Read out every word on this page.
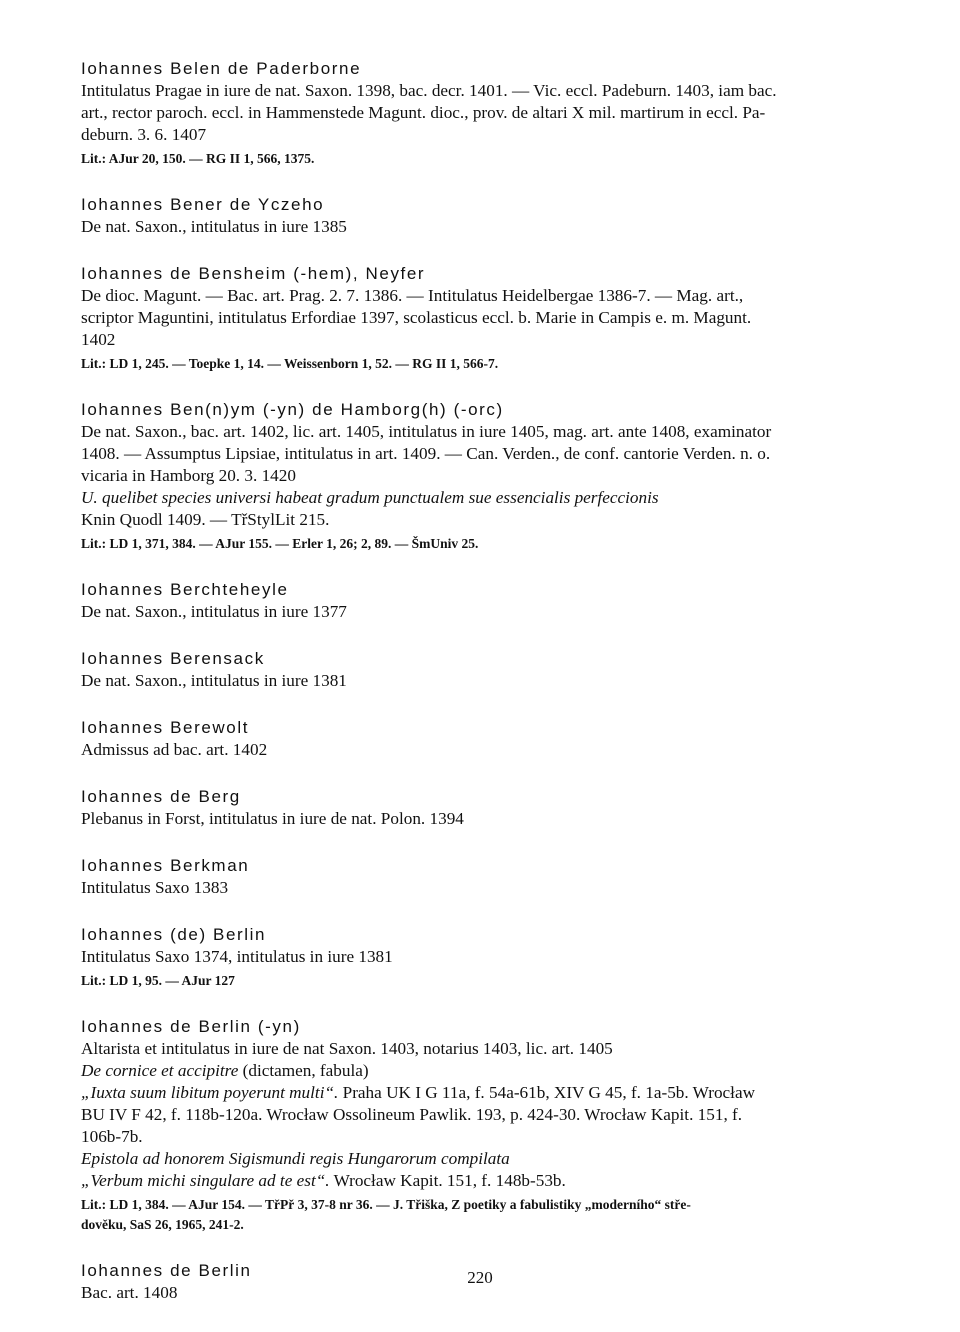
Iohannes Belen de Paderborne
Intitulatus Pragae in iure de nat. Saxon. 1398, bac. decr. 1401. — Vic. eccl. Padeburn. 1403, iam bac.
art., rector paroch. eccl. in Hammenstede Magunt. dioc., prov. de altari X mil. martirum in eccl. Pa-
deburn. 3. 6. 1407
Lit.: AJur 20, 150. — RG II 1, 566, 1375.
Iohannes Bener de Yczeho
De nat. Saxon., intitulatus in iure 1385
Iohannes de Bensheim (-hem), Neyfer
De dioc. Magunt. — Bac. art. Prag. 2. 7. 1386. — Intitulatus Heidelbergae 1386-7. — Mag. art.,
scriptor Maguntini, intitulatus Erfordiae 1397, scolasticus eccl. b. Marie in Campis e. m. Magunt.
1402
Lit.: LD 1, 245. — Toepke 1, 14. — Weissenborn 1, 52. — RG II 1, 566-7.
Iohannes Ben(n)ym (-yn) de Hamborg(h) (-orc)
De nat. Saxon., bac. art. 1402, lic. art. 1405, intitulatus in iure 1405, mag. art. ante 1408, examinator
1408. — Assumptus Lipsiae, intitulatus in art. 1409. — Can. Verden., de conf. cantorie Verden. n. o.
vicaria in Hamborg 20. 3. 1420
U. quelibet species universi habeat gradum punctualem sue essencialis perfeccionis
Knin Quodl 1409. — TřStylLit 215.
Lit.: LD 1, 371, 384. — AJur 155. — Erler 1, 26; 2, 89. — ŠmUniv 25.
Iohannes Berchteheyle
De nat. Saxon., intitulatus in iure 1377
Iohannes Berensack
De nat. Saxon., intitulatus in iure 1381
Iohannes Berewolt
Admissus ad bac. art. 1402
Iohannes de Berg
Plebanus in Forst, intitulatus in iure de nat. Polon. 1394
Iohannes Berkman
Intitulatus Saxo 1383
Iohannes (de) Berlin
Intitulatus Saxo 1374, intitulatus in iure 1381
Lit.: LD 1, 95. — AJur 127
Iohannes de Berlin (-yn)
Altarista et intitulatus in iure de nat Saxon. 1403, notarius 1403, lic. art. 1405
De cornice et accipitre (dictamen, fabula)
„Iuxta suum libitum poyerunt multi“. Praha UK I G 11a, f. 54a-61b, XIV G 45, f. 1a-5b. Wrocław
BU IV F 42, f. 118b-120a. Wrocław Ossolineum Pawlik. 193, p. 424-30. Wrocław Kapit. 151, f.
106b-7b.
Epistola ad honorem Sigismundi regis Hungarorum compilata
„Verbum michi singulare ad te est“. Wrocław Kapit. 151, f. 148b-53b.
Lit.: LD 1, 384. — AJur 154. — TřPř 3, 37-8 nr 36. — J. Třiška, Z poetiky a fabulistiky „moderního“ stře-
dověku, SaS 26, 1965, 241-2.
Iohannes de Berlin
Bac. art. 1408
220
